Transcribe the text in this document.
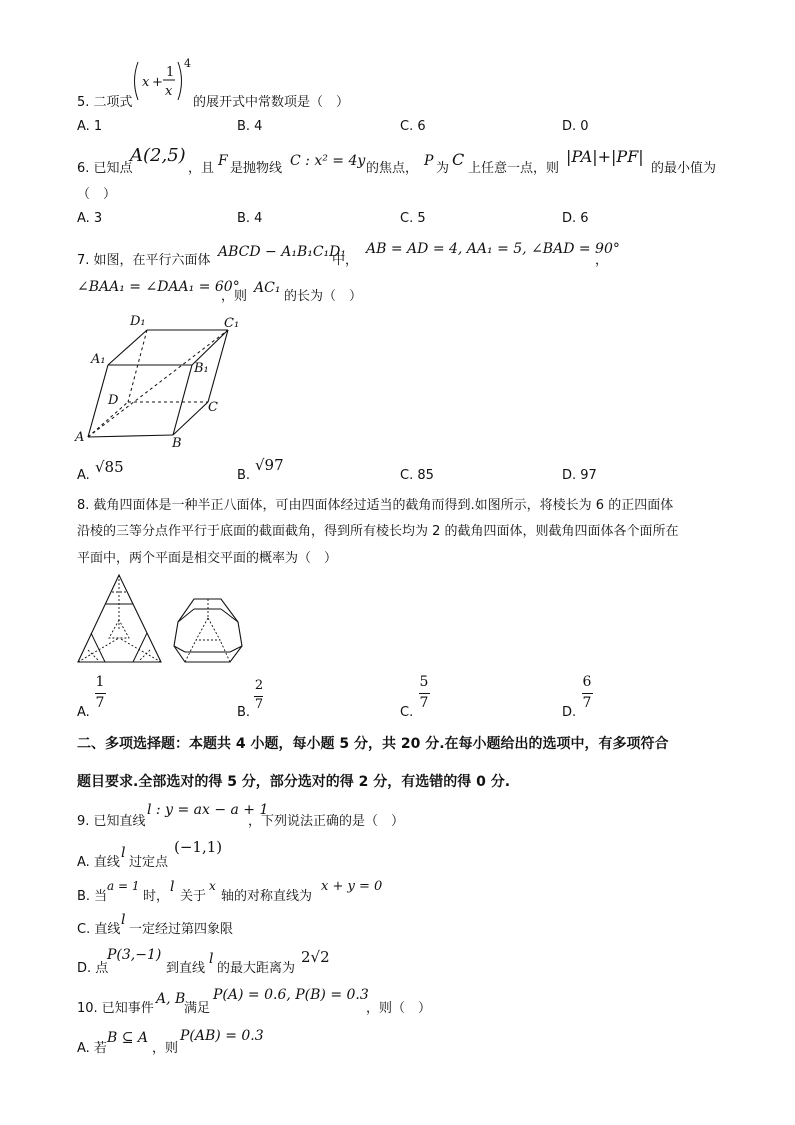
5. 二项式
x +
1
x
4
的展开式中常数项是（　）
A. 1	B. 4	C. 6	D. 0
6. 已知点
A(2,5)
，且 F 是抛物线 C : x² = 4y 的焦点， P 为 C 上任意一点，则
|PA|+|PF|
的最小值为
（　）
A. 3	B. 4	C. 5	D. 6
7. 如图，在平行六面体
ABCD − A₁B₁C₁D₁
中，
AB = AD = 4, AA₁ = 5, ∠BAD = 90°
，
∠BAA₁ = ∠DAA₁ = 60°
，则
AC₁
的长为（　）
D₁	C₁
A₁
B₁
D	C
A	B
A. √85	B.
√97
C. 85	D. 97
8. 截角四面体是一种半正八面体，可由四面体经过适当的截角而得到.如图所示，将棱长为 6 的正四面体
沿棱的三等分点作平行于底面的截面截角，得到所有棱长均为 2 的截角四面体，则截角四面体各个面所在
平面中，两个平面是相交平面的概率为（　）
A.
1
7
B.
2
7
C.
5
7
D.
6
7
二、多项选择题：本题共 4 小题，每小题 5 分，共 20 分.在每小题给出的选项中，有多项符合
题目要求.全部选对的得 5 分，部分选对的得 2 分，有选错的得 0 分.
9. 已知直线
l : y = ax − a + 1
，下列说法正确的是（　）
A. 直线
l
过定点
(−1,1)
B. 当
a = 1
时，
l
关于
x
轴的对称直线为
x + y = 0
C. 直线
l
一定经过第四象限
D. 点
P(3,−1)
到直线
l
的最大距离为
2√2
10. 已知事件
A, B
满足
P(A) = 0.6, P(B) = 0.3
，则（　）
A. 若
B ⊆ A
，则
P(AB) = 0.3
